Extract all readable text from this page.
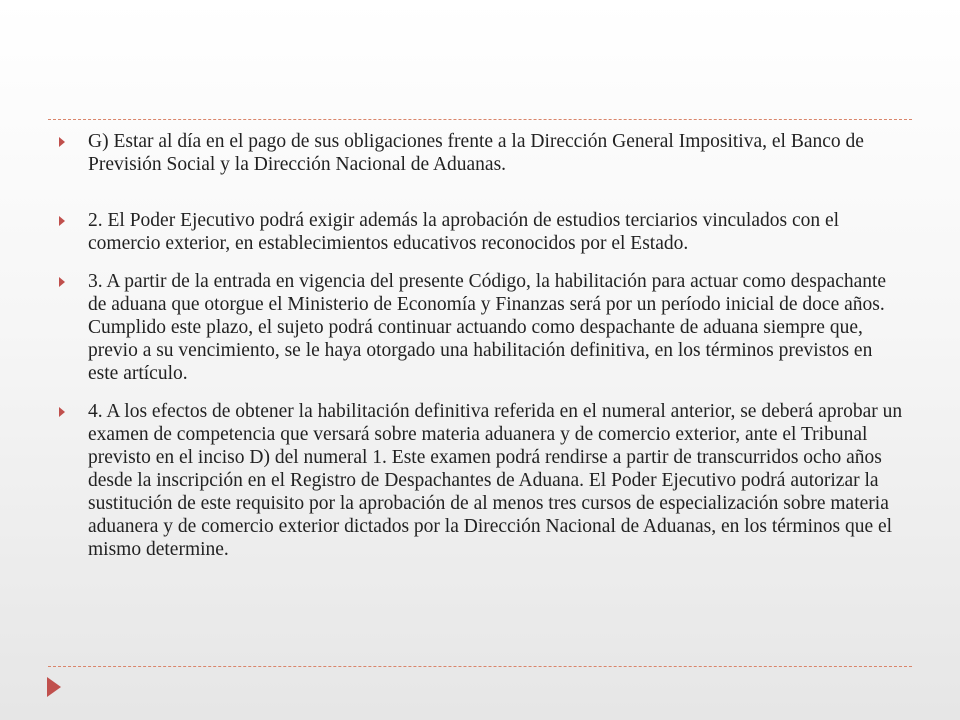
G) Estar al día en el pago de sus obligaciones frente a la Dirección General Impositiva, el Banco de Previsión Social y la Dirección Nacional de Aduanas.
2. El Poder Ejecutivo podrá exigir además la aprobación de estudios terciarios vinculados con el comercio exterior, en establecimientos educativos reconocidos por el Estado.
3. A partir de la entrada en vigencia del presente Código, la habilitación para actuar como despachante de aduana que otorgue el Ministerio de Economía y Finanzas será por un período inicial de doce años. Cumplido este plazo, el sujeto podrá continuar actuando como despachante de aduana siempre que, previo a su vencimiento, se le haya otorgado una habilitación definitiva, en los términos previstos en este artículo.
4. A los efectos de obtener la habilitación definitiva referida en el numeral anterior, se deberá aprobar un examen de competencia que versará sobre materia aduanera y de comercio exterior, ante el Tribunal previsto en el inciso D) del numeral 1. Este examen podrá rendirse a partir de transcurridos ocho años desde la inscripción en el Registro de Despachantes de Aduana. El Poder Ejecutivo podrá autorizar la sustitución de este requisito por la aprobación de al menos tres cursos de especialización sobre materia aduanera y de comercio exterior dictados por la Dirección Nacional de Aduanas, en los términos que el mismo determine.
